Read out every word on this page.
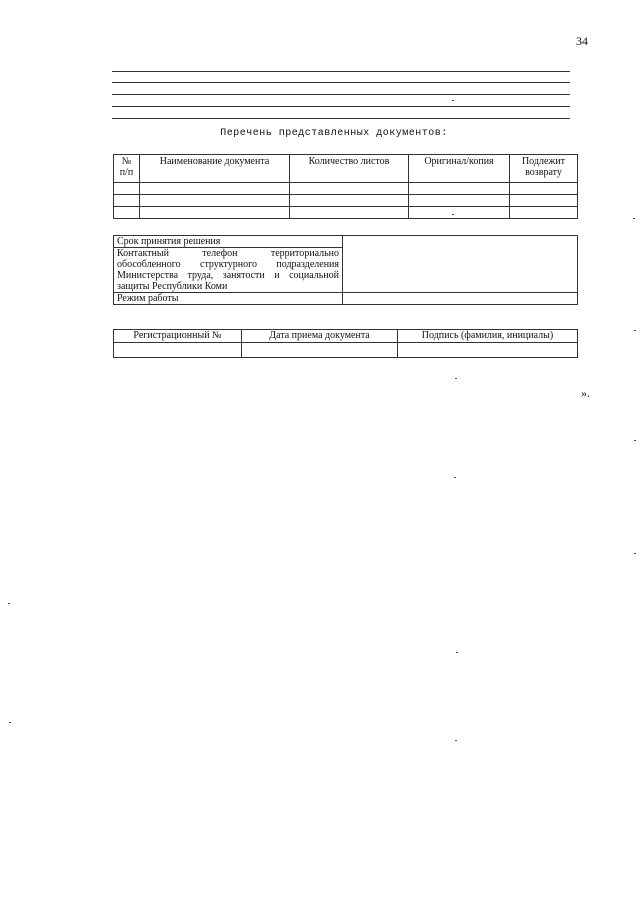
34
Перечень представленных документов:
№ п/п	Наименование документа	Количество листов	Оригинал/копия	Подлежит возврату

Срок принятия решения	

Контактный телефон территориально
обособленного структурного подразделения
Министерства труда, занятости и социальной
защиты Республики Коми	

Режим работы	
Регистрационный №	Дата приема документа	Подпись (фамилия, инициалы)

».
